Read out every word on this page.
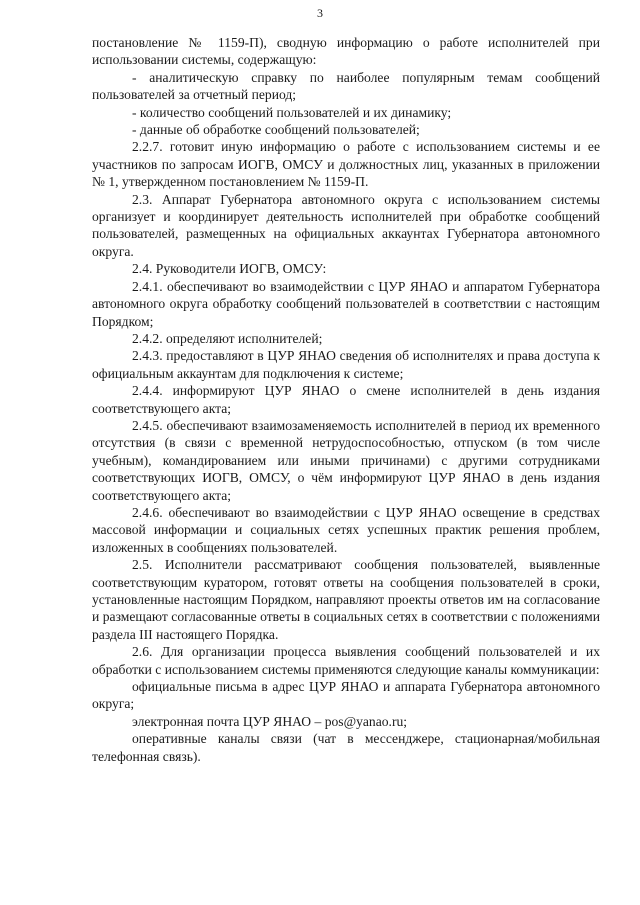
3

постановление № 1159-П), сводную информацию о работе исполнителей при использовании системы, содержащую:

- аналитическую справку по наиболее популярным темам сообщений пользователей за отчетный период;

- количество сообщений пользователей и их динамику;

- данные об обработке сообщений пользователей;

2.2.7. готовит иную информацию о работе с использованием системы и ее участников по запросам ИОГВ, ОМСУ и должностных лиц, указанных в приложении № 1, утвержденном постановлением № 1159-П.

2.3. Аппарат Губернатора автономного округа с использованием системы организует и координирует деятельность исполнителей при обработке сообщений пользователей, размещенных на официальных аккаунтах Губернатора автономного округа.

2.4. Руководители ИОГВ, ОМСУ:

2.4.1. обеспечивают во взаимодействии с ЦУР ЯНАО и аппаратом Губернатора автономного округа обработку сообщений пользователей в соответствии с настоящим Порядком;

2.4.2. определяют исполнителей;

2.4.3. предоставляют в ЦУР ЯНАО сведения об исполнителях и права доступа к официальным аккаунтам для подключения к системе;

2.4.4. информируют ЦУР ЯНАО о смене исполнителей в день издания соответствующего акта;

2.4.5. обеспечивают взаимозаменяемость исполнителей в период их временного отсутствия (в связи с временной нетрудоспособностью, отпуском (в том числе учебным), командированием или иными причинами) с другими сотрудниками соответствующих ИОГВ, ОМСУ, о чём информируют ЦУР ЯНАО в день издания соответствующего акта;

2.4.6. обеспечивают во взаимодействии с ЦУР ЯНАО освещение в средствах массовой информации и социальных сетях успешных практик решения проблем, изложенных в сообщениях пользователей.

2.5. Исполнители рассматривают сообщения пользователей, выявленные соответствующим куратором, готовят ответы на сообщения пользователей в сроки, установленные настоящим Порядком, направляют проекты ответов им на согласование и размещают согласованные ответы в социальных сетях в соответствии с положениями раздела III настоящего Порядка.

2.6. Для организации процесса выявления сообщений пользователей и их обработки с использованием системы применяются следующие каналы коммуникации:

официальные письма в адрес ЦУР ЯНАО и аппарата Губернатора автономного округа;

электронная почта ЦУР ЯНАО – pos@yanao.ru;

оперативные каналы связи (чат в мессенджере, стационарная/мобильная телефонная связь).
